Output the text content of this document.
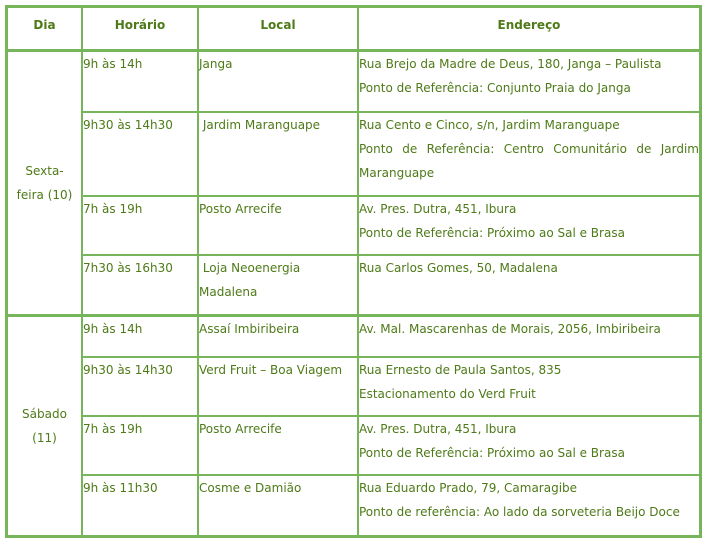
Dia	Horário	Local	Endereço

Sexta-
feira (10)	9h às 14h	Janga	Rua Brejo da Madre de Deus, 180, Janga – Paulista
Ponto de Referência: Conjunto Praia do Janga

	9h30 às 14h30	Jardim Maranguape	Rua Cento e Cinco, s/n, Jardim Maranguape
Ponto de Referência: Centro Comunitário de Jardim Maranguape

	7h às 19h	Posto Arrecife	Av. Pres. Dutra, 451, Ibura
Ponto de Referência: Próximo ao Sal e Brasa

	7h30 às 16h30	Loja Neoenergia Madalena	Rua Carlos Gomes, 50, Madalena

Sábado
(11)	9h às 14h	Assaí Imbiribeira	Av. Mal. Mascarenhas de Morais, 2056, Imbiribeira

	9h30 às 14h30	Verd Fruit – Boa Viagem	Rua Ernesto de Paula Santos, 835
Estacionamento do Verd Fruit

	7h às 19h	Posto Arrecife	Av. Pres. Dutra, 451, Ibura
Ponto de Referência: Próximo ao Sal e Brasa

	9h às 11h30	Cosme e Damião	Rua Eduardo Prado, 79, Camaragibe
Ponto de referência: Ao lado da sorveteria Beijo Doce
